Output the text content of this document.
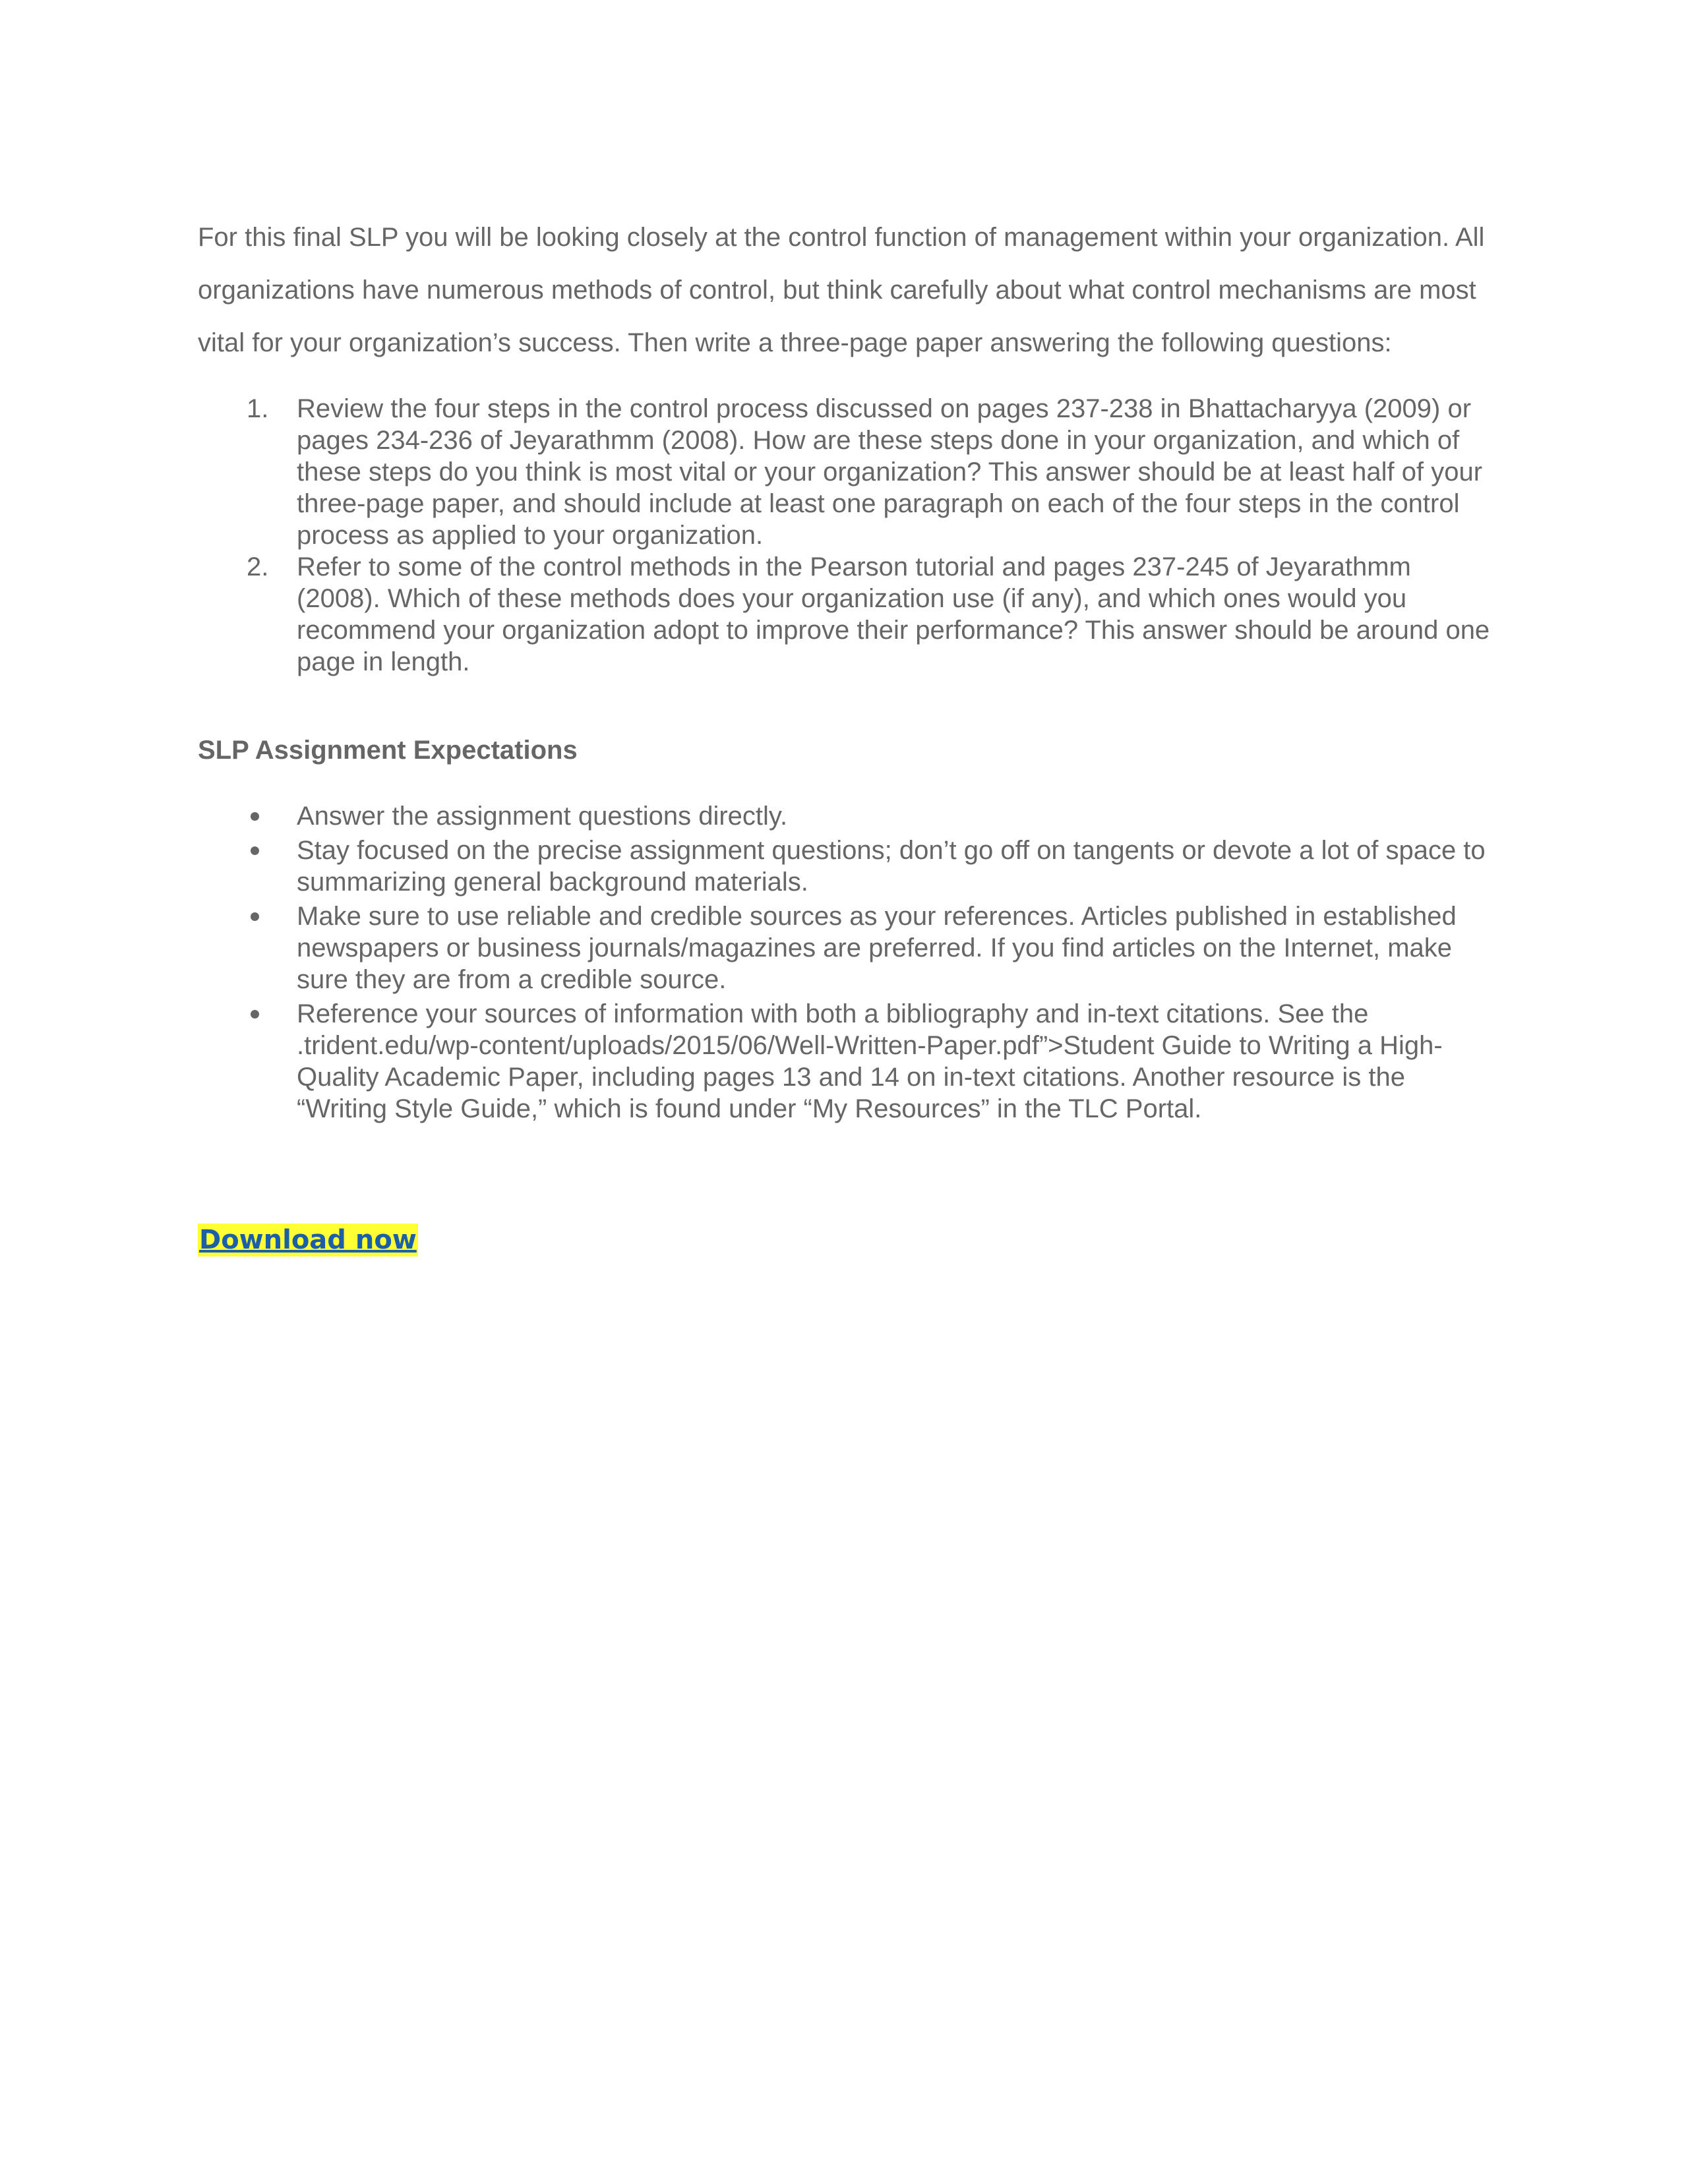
For this final SLP you will be looking closely at the control function of management within your organization. All organizations have numerous methods of control, but think carefully about what control mechanisms are most vital for your organization’s success. Then write a three-page paper answering the following questions:

1.	Review the four steps in the control process discussed on pages 237-238 in Bhattacharyya (2009) or pages 234-236 of Jeyarathmm (2008). How are these steps done in your organization, and which of these steps do you think is most vital or your organization? This answer should be at least half of your three-page paper, and should include at least one paragraph on each of the four steps in the control process as applied to your organization.
2.	Refer to some of the control methods in the Pearson tutorial and pages 237-245 of Jeyarathmm (2008). Which of these methods does your organization use (if any), and which ones would you recommend your organization adopt to improve their performance? This answer should be around one page in length.
SLP Assignment Expectations
Answer the assignment questions directly.
Stay focused on the precise assignment questions; don’t go off on tangents or devote a lot of space to summarizing general background materials.
Make sure to use reliable and credible sources as your references. Articles published in established newspapers or business journals/magazines are preferred. If you find articles on the Internet, make sure they are from a credible source.
Reference your sources of information with both a bibliography and in-text citations. See the .trident.edu/wp-content/uploads/2015/06/Well-Written-Paper.pdf”>Student Guide to Writing a High-Quality Academic Paper, including pages 13 and 14 on in-text citations. Another resource is the “Writing Style Guide,” which is found under “My Resources” in the TLC Portal.
Download now
